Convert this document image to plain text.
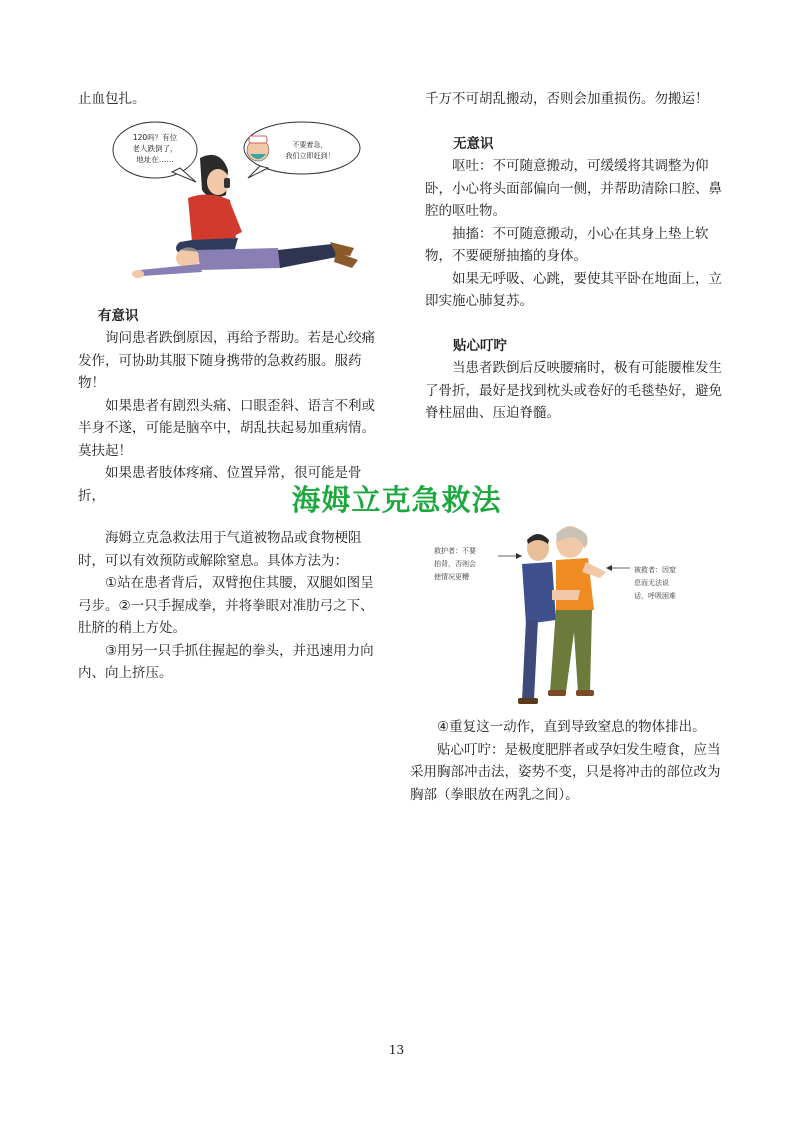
止血包扎。

有意识

询问患者跌倒原因，再给予帮助。若是心绞痛发作，可协助其服下随身携带的急救药服。服药物！

如果患者有剧烈头痛、口眼歪斜、语言不利或半身不遂，可能是脑卒中，胡乱扶起易加重病情。莫扶起！

如果患者肢体疼痛、位置异常，很可能是骨折，

120吗？有位
老人跌倒了，
地址在……
不要着急，
我们立即赶到！

千万不可胡乱搬动，否则会加重损伤。勿搬运！

无意识

呕吐：不可随意搬动，可缓缓将其调整为仰卧，小心将头面部偏向一侧，并帮助清除口腔、鼻腔的呕吐物。

抽搐：不可随意搬动，小心在其身上垫上软物，不要硬掰抽搐的身体。

如果无呼吸、心跳，要使其平卧在地面上，立即实施心肺复苏。

贴心叮咛

当患者跌倒后反映腰痛时，极有可能腰椎发生了骨折，最好是找到枕头或卷好的毛毯垫好，避免脊柱屈曲、压迫脊髓。

海姆立克急救法

海姆立克急救法用于气道被物品或食物梗阻时，可以有效预防或解除窒息。具体方法为：

①站在患者背后，双臂抱住其腰，双腿如图呈弓步。②一只手握成拳，并将拳眼对准肋弓之下、肚脐的稍上方处。

③用另一只手抓住握起的拳头，并迅速用力向内、向上挤压。

救护者：不要
拍背，否则会
使情况更糟
被救者：因窒
息而无法说
话，呼吸困难

④重复这一动作，直到导致窒息的物体排出。

贴心叮咛：是极度肥胖者或孕妇发生噎食，应当采用胸部冲击法，姿势不变，只是将冲击的部位改为胸部（拳眼放在两乳之间）。

13
